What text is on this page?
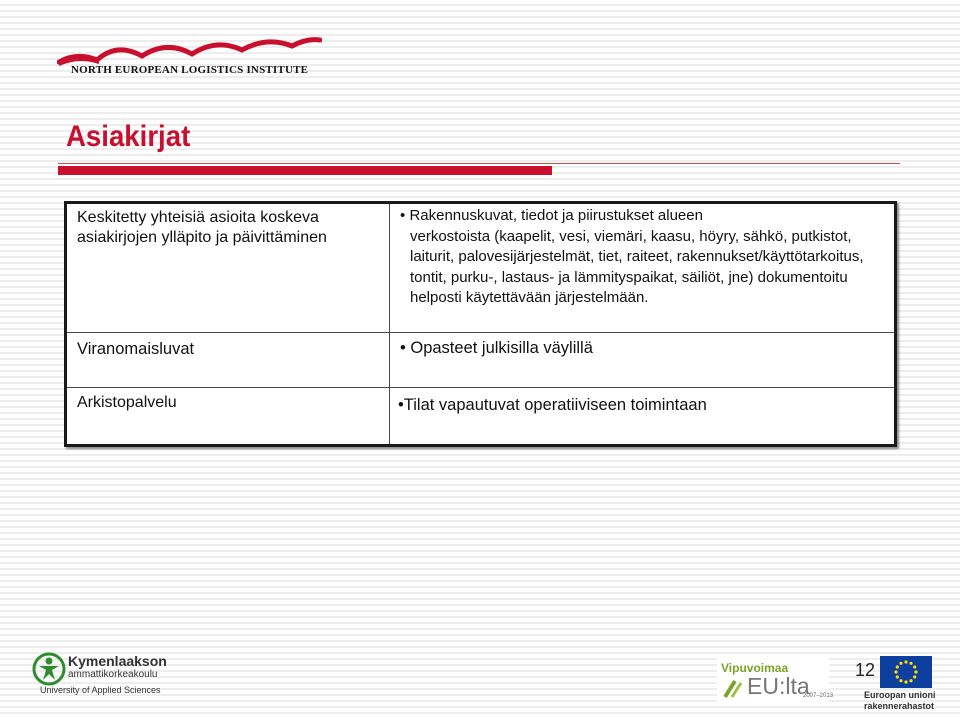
NORTH EUROPEAN LOGISTICS INSTITUTE
Asiakirjat
Keskitetty yhteisiä asioita koskeva asiakirjojen ylläpito ja päivittäminen	• Rakennuskuvat, tiedot ja piirustukset alueen
verkostoista (kaapelit, vesi, viemäri, kaasu, höyry, sähkö, putkistot, laiturit, palovesijärjestelmät, tiet, raiteet, rakennukset/käyttötarkoitus, tontit, purku-, lastaus- ja lämmityspaikat, säiliöt, jne) dokumentoitu helposti käytettävään järjestelmään.

Viranomaisluvat	• Opasteet julkisilla väylillä

Arkistopalvelu	•Tilat vapautuvat operatiiviseen toimintaan
Kymenlaakson
ammattikorkeakoulu
University of Applied Sciences
Vipuvoimaa
EU:lta
2007–2013
12
Euroopan unioni
rakennerahastot
